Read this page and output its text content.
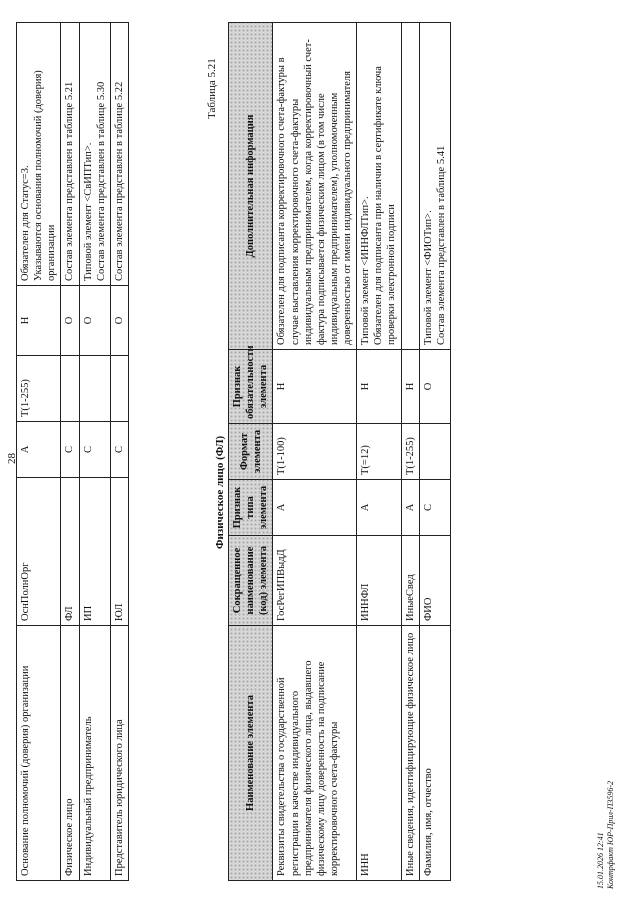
28
Основание полномочий (доверия) организации	ОснПолнОрг	А	Т(1-255)	Н	Обязателен для Статус=3.
Указываются основания полномочий (доверия) организации
Физическое лицо	ФЛ	С		О	Состав элемента представлен в таблице 5.21
Индивидуальный предприниматель	ИП	С		О	Типовой элемент <СвИПТип>.
Состав элемента представлен в таблице 5.30
Представитель юридического лица	ЮЛ	С		О	Состав элемента представлен в таблице 5.22	Таблица 5.21
Физическое лицо (ФЛ)
Наименование элемента	Сокращенное наименование (код) элемента	Признак типа элемента	Формат элемента	Признак обязательности элемента	Дополнительная информация
Реквизиты свидетельства о государственной регистрации в качестве индивидуального предпринимателя физического лица, выдавшего физическому лицу доверенность на подписание корректировочного счета-фактуры	ГосРегИПВыдД	А	Т(1-100)	Н	Обязателен для подписанта корректировочного счета-фактуры в случае выставления корректировочного счета-фактуры индивидуальным предпринимателем, когда корректировочный счет-фактура подписывается физическим лицом (в том числе индивидуальным предпринимателем), уполномоченным доверенностью от имени индивидуального предпринимателя
ИНН	ИННФЛ	А	Т(=12)	Н	Типовой элемент <ИННФЛТип>.
Обязателен для подписанта при наличии в сертификате ключа проверки электронной подписи
Иные сведения, идентифицирующие физическое лицо	ИныеСвед	А	Т(1-255)	Н	
Фамилия, имя, отчество	ФИО	С		О	Типовой элемент <ФИОТип>.
Состав элемента представлен в таблице 5.41
15.01.2026 12:41 Контрфакт ЮР-Прил-П3596-2
